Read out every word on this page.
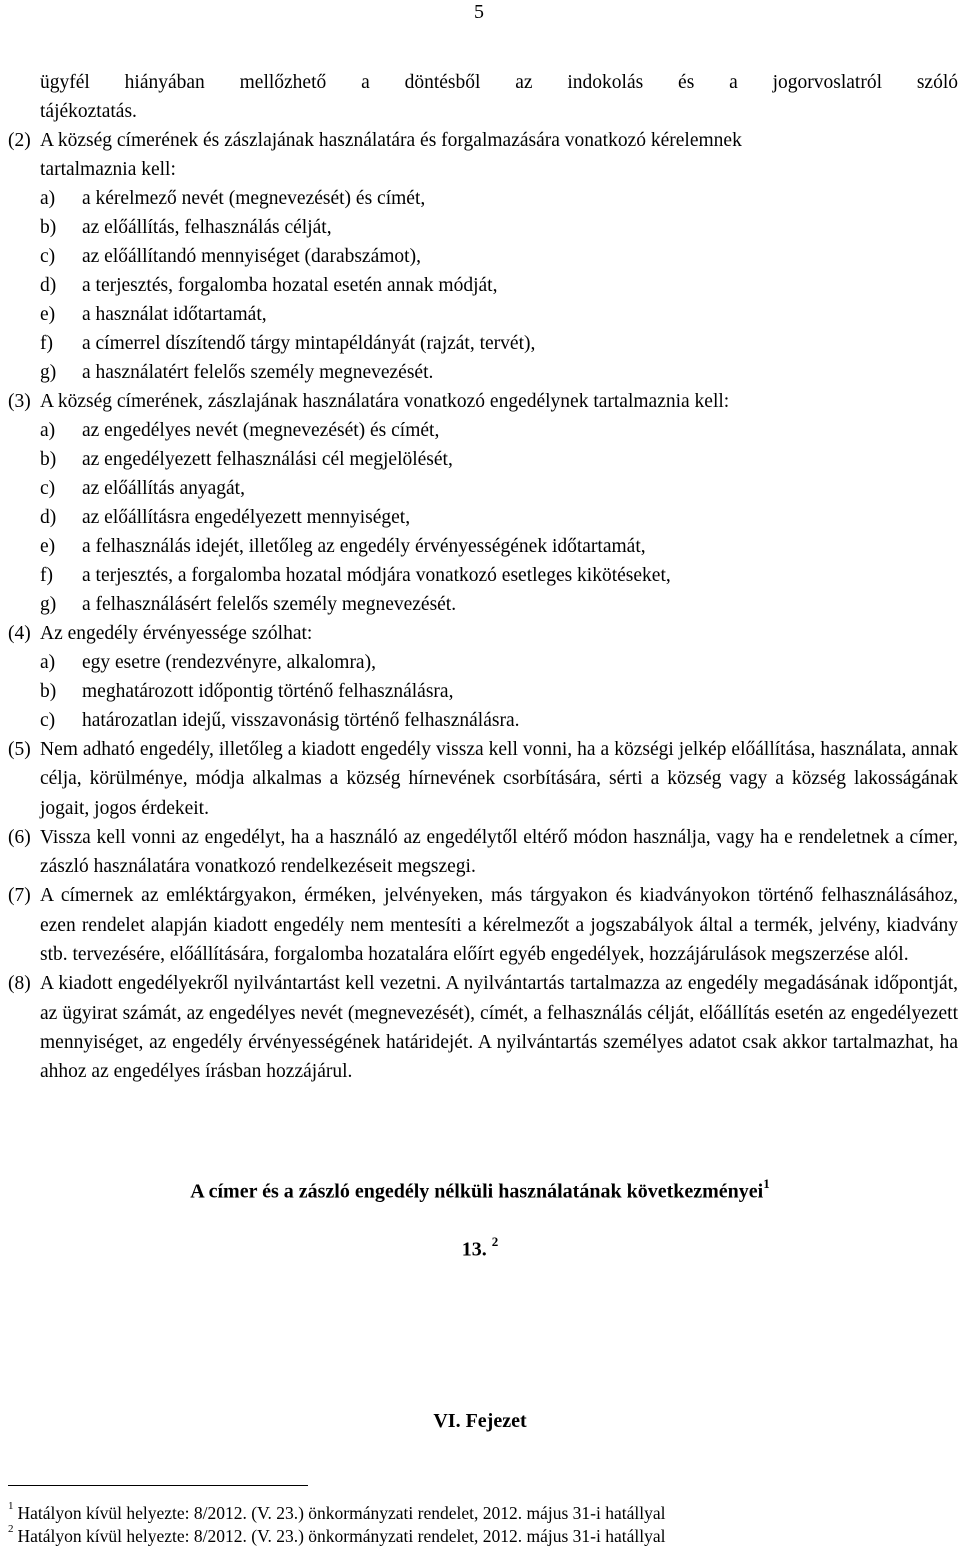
5
ügyfél hiányában mellőzhető a döntésből az indokolás és a jogorvoslatról szóló
tájékoztatás.
(2) A község címerének és zászlajának használatára és forgalmazására vonatkozó kérelemnek
tartalmaznia kell:
a)	a kérelmező nevét (megnevezését) és címét,
b)	az előállítás, felhasználás célját,
c)	az előállítandó mennyiséget (darabszámot),
d)	a terjesztés, forgalomba hozatal esetén annak módját,
e)	a használat időtartamát,
f)	a címerrel díszítendő tárgy mintapéldányát (rajzát, tervét),
g)	a használatért felelős személy megnevezését.
(3) A község címerének, zászlajának használatára vonatkozó engedélynek tartalmaznia kell:
a)	az engedélyes nevét (megnevezését) és címét,
b)	az engedélyezett felhasználási cél megjelölését,
c)	az előállítás anyagát,
d)	az előállításra engedélyezett mennyiséget,
e)	a felhasználás idejét, illetőleg az engedély érvényességének időtartamát,
f)	a terjesztés, a forgalomba hozatal módjára vonatkozó esetleges kikötéseket,
g)	a felhasználásért felelős személy megnevezését.
(4) Az engedély érvényessége szólhat:
a)	egy esetre (rendezvényre, alkalomra),
b)	meghatározott időpontig történő felhasználásra,
c)	határozatlan idejű, visszavonásig történő felhasználásra.
(5) Nem adható engedély, illetőleg a kiadott engedély vissza kell vonni, ha a községi jelkép előállítása, használata, annak célja, körülménye, módja alkalmas a község hírnevének csorbítására, sérti a község vagy a község lakosságának jogait, jogos érdekeit.
(6) Vissza kell vonni az engedélyt, ha a használó az engedélytől eltérő módon használja, vagy ha e rendeletnek a címer, zászló használatára vonatkozó rendelkezéseit megszegi.
(7) A címernek az emléktárgyakon, érméken, jelvényeken, más tárgyakon és kiadványokon történő felhasználásához, ezen rendelet alapján kiadott engedély nem mentesíti a kérelmezőt a jogszabályok által a termék, jelvény, kiadvány stb. tervezésére, előállítására, forgalomba hozatalára előírt egyéb engedélyek, hozzájárulások megszerzése alól.
(8) A kiadott engedélyekről nyilvántartást kell vezetni. A nyilvántartás tartalmazza az engedély megadásának időpontját, az ügyirat számát, az engedélyes nevét (megnevezését), címét, a felhasználás célját, előállítás esetén az engedélyezett mennyiséget, az engedély érvényességének határidejét. A nyilvántartás személyes adatot csak akkor tartalmazhat, ha ahhoz az engedélyes írásban hozzájárul.
A címer és a zászló engedély nélküli használatának következményei$^1$
13. $^2$
VI. Fejezet
$^1$ Hatályon kívül helyezte: 8/2012. (V. 23.) önkormányzati rendelet, 2012. május 31-i hatállyal
$^2$ Hatályon kívül helyezte: 8/2012. (V. 23.) önkormányzati rendelet, 2012. május 31-i hatállyal
